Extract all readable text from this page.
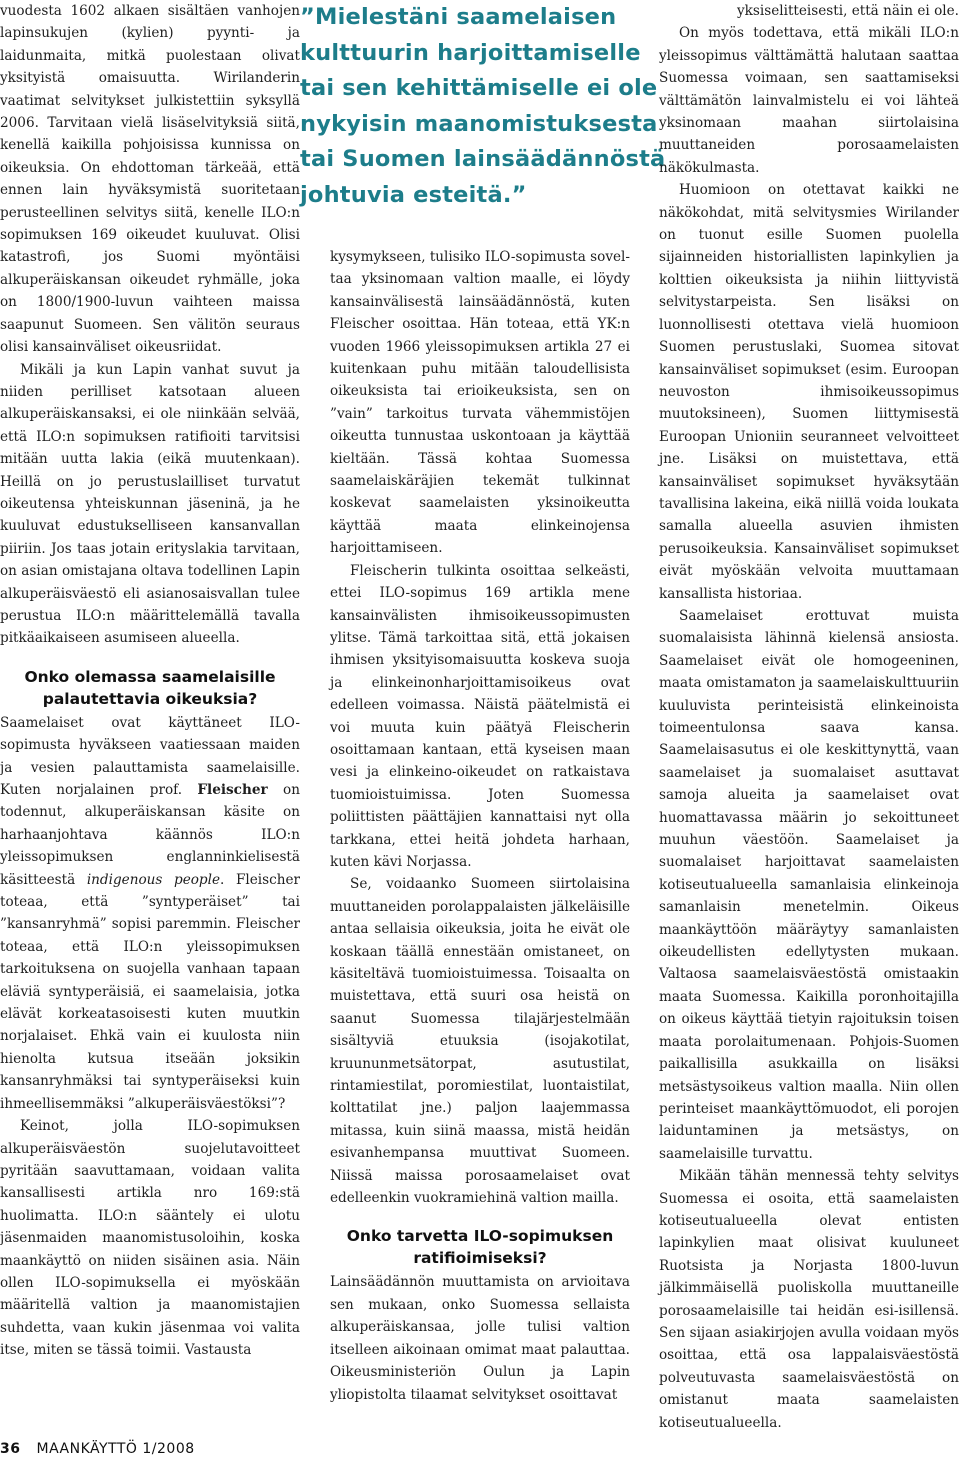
vuodesta 1602 alkaen sisältäen vanhojen lapinsukujen (kylien) pyynti- ja laidunmaita, mitkä puolestaan olivat yksityistä omaisuutta. Wirilanderin vaatimat selvitykset julkistettiin syksyllä 2006. Tarvitaan vielä lisäselvityksiä siitä, kenellä kaikilla pohjoisissa kunnissa on oikeuksia. On ehdottoman tärkeää, että ennen lain hyväksymistä suoritetaan perusteellinen selvitys siitä, kenelle ILO:n sopimuksen 169 oikeudet kuuluvat. Olisi katastrofi, jos Suomi myöntäisi alkuperäiskansan oikeudet ryhmälle, joka on 1800/1900-luvun vaihteen maissa saapunut Suomeen. Sen välitön seuraus olisi kansainväliset oikeusriidat.

Mikäli ja kun Lapin vanhat suvut ja niiden perilliset katsotaan alueen alkuperäiskansaksi, ei ole niinkään selvää, että ILO:n sopimuksen ratifioiti tarvitsisi mitään uutta lakia (eikä muutenkaan). Heillä on jo perustuslailliset turvatut oikeutensa yhteiskunnan jäseninä, ja he kuuluvat edustukselliseen kansanvallan piiriin. Jos taas jotain erityslakia tarvitaan, on asian omistajana oltava todellinen Lapin alkuperäisväestö eli asianosaisvallan tulee perustua ILO:n määrittelemällä tavalla pitkäaikaiseen asumiseen alueella.

Onko olemassa saamelaisille
palautettavia oikeuksia?

Saamelaiset ovat käyttäneet ILO-sopimusta hyväkseen vaatiessaan maiden ja vesien palauttamista saamelaisille. Kuten norjalainen prof. Fleischer on todennut, alkuperäiskansan käsite on harhaanjohtava käännös ILO:n yleissopimuksen englanninkielisestä käsitteestä indigenous people. Fleischer toteaa, että ”syntyperäiset” tai ”kansanryhmä” sopisi paremmin. Fleischer toteaa, että ILO:n yleissopimuksen tarkoituksena on suojella vanhaan tapaan eläviä syntyperäisiä, ei saamelaisia, jotka elävät korkeatasoisesti kuten muutkin norjalaiset. Ehkä vain ei kuulosta niin hienolta kutsua itseään joksikin kansanryhmäksi tai syntyperäiseksi kuin ihmeellisemmäksi ”alkuperäisväestöksi”?

Keinot, jolla ILO-sopimuksen alkuperäisväestön suojelutavoitteet pyritään saavuttamaan, voidaan valita kansallisesti artikla nro 169:stä huolimatta. ILO:n sääntely ei ulotu jäsenmaiden maanomistusoloihin, koska maankäyttö on niiden sisäinen asia. Näin ollen ILO-sopimuksella ei myöskään määritellä valtion ja maanomistajien suhdetta, vaan kukin jäsenmaa voi valita itse, miten se tässä toimii. Vastausta

”Mielestäni saamelaisen
kulttuurin harjoittamiselle
tai sen kehittämiselle ei ole
nykyisin maanomistuksesta
tai Suomen lainsäädännöstä
johtuvia esteitä.”

kysymykseen, tulisiko ILO-sopimusta soveltaa yksinomaan valtion maalle, ei löydy kansainvälisestä lainsäädännöstä, kuten Fleischer osoittaa. Hän toteaa, että YK:n vuoden 1966 yleissopimuksen artikla 27 ei kuitenkaan puhu mitään taloudellisista oikeuksista tai erioikeuksista, sen on ”vain” tarkoitus turvata vähemmistöjen oikeutta tunnustaa uskontoaan ja käyttää kieltään. Tässä kohtaa Suomessa saamelaiskäräjien tekemät tulkinnat koskevat saamelaisten yksinoikeutta käyttää maata elinkeinojensa harjoittamiseen.

Fleischerin tulkinta osoittaa selkeästi, ettei ILO-sopimus 169 artikla mene kansainvälisten ihmisoikeussopimusten ylitse. Tämä tarkoittaa sitä, että jokaisen ihmisen yksityisomaisuutta koskeva suoja ja elinkeinonharjoittamisoikeus ovat edelleen voimassa. Näistä päätelmistä ei voi muuta kuin päätyä Fleischerin osoittamaan kantaan, että kyseisen maan vesi ja elinkeino-oikeudet on ratkaistava tuomioistuimissa. Joten Suomessa poliittisten päättäjien kannattaisi nyt olla tarkkana, ettei heitä johdeta harhaan, kuten kävi Norjassa.

Se, voidaanko Suomeen siirtolaisina muuttaneiden porolappalaisten jälkeläisille antaa sellaisia oikeuksia, joita he eivät ole koskaan täällä ennestään omistaneet, on käsiteltävä tuomioistuimessa. Toisaalta on muistettava, että suuri osa heistä on saanut Suomessa tilajärjestelmään sisältyviä etuuksia (isojakotilat, kruununmetsätorpat, asutustilat, rintamiestilat, poromiestilat, luontaistilat, kolttatilat jne.) paljon laajemmassa mitassa, kuin siinä maassa, mistä heidän esivanhempansa muuttivat Suomeen. Niissä maissa porosaamelaiset ovat edelleenkin vuokramiehinä valtion mailla.

Onko tarvetta ILO-sopimuksen
ratifioimiseksi?

Lainsäädännön muuttamista on arvioitava sen mukaan, onko Suomessa sellaista alkuperäiskansaa, jolle tulisi valtion itselleen aikoinaan omimat maat palauttaa. Oikeusministeriön Oulun ja Lapin yliopistolta tilaamat selvitykset osoittavat

yksiselitteisesti, että näin ei ole.

On myös todettava, että mikäli ILO:n yleissopimus välttämättä halutaan saattaa Suomessa voimaan, sen saattamiseksi välttämätön lainvalmistelu ei voi lähteä yksinomaan maahan siirtolaisina muuttaneiden porosaamelaisten näkökulmasta.

Huomioon on otettavat kaikki ne näkökohdat, mitä selvitysmies Wirilander on tuonut esille Suomen puolella sijainneiden historiallisten lapinkylien ja kolttien oikeuksista ja niihin liittyvistä selvitystarpeista. Sen lisäksi on luonnollisesti otettava vielä huomioon Suomen perustuslaki, Suomea sitovat kansainväliset sopimukset (esim. Euroopan neuvoston ihmisoikeussopimus muutoksineen), Suomen liittymisestä Euroopan Unioniin seuranneet velvoitteet jne. Lisäksi on muistettava, että kansainväliset sopimukset hyväksytään tavallisina lakeina, eikä niillä voida loukata samalla alueella asuvien ihmisten perusoikeuksia. Kansainväliset sopimukset eivät myöskään velvoita muuttamaan kansallista historiaa.

Saamelaiset erottuvat muista suomalaisista lähinnä kielensä ansiosta. Saamelaiset eivät ole homogeeninen, maata omistamaton ja saamelaiskulttuuriin kuuluvista perinteisistä elinkeinoista toimeentulonsa saava kansa. Saamelaisasutus ei ole keskittynyttä, vaan saamelaiset ja suomalaiset asuttavat samoja alueita ja saamelaiset ovat huomattavassa määrin jo sekoittuneet muuhun väestöön. Saamelaiset ja suomalaiset harjoittavat saamelaisten kotiseutualueella samanlaisia elinkeinoja samanlaisin menetelmin. Oikeus maankäyttöön määräytyy samanlaisten oikeudellisten edellytysten mukaan. Valtaosa saamelaisväestöstä omistaakin maata Suomessa. Kaikilla poronhoitajilla on oikeus käyttää tietyin rajoituksin toisen maata porolaitumenaan. Pohjois-Suomen paikallisilla asukkailla on lisäksi metsästysoikeus valtion maalla. Niin ollen perinteiset maankäyttömuodot, eli porojen laiduntaminen ja metsästys, on saamelaisille turvattu.

Mikään tähän mennessä tehty selvitys Suomessa ei osoita, että saamelaisten kotiseutualueella olevat entisten lapinkylien maat olisivat kuuluneet Ruotsista ja Norjasta 1800-luvun jälkimmäisellä puoliskolla muuttaneille porosaamelaisille tai heidän esi-isillensä. Sen sijaan asiakirjojen avulla voidaan myös osoittaa, että osa lappalaisväestöstä polveutuvasta saamelaisväestöstä on omistanut maata saamelaisten kotiseutualueella.

36 MAANKÄYTTÖ 1/2008
